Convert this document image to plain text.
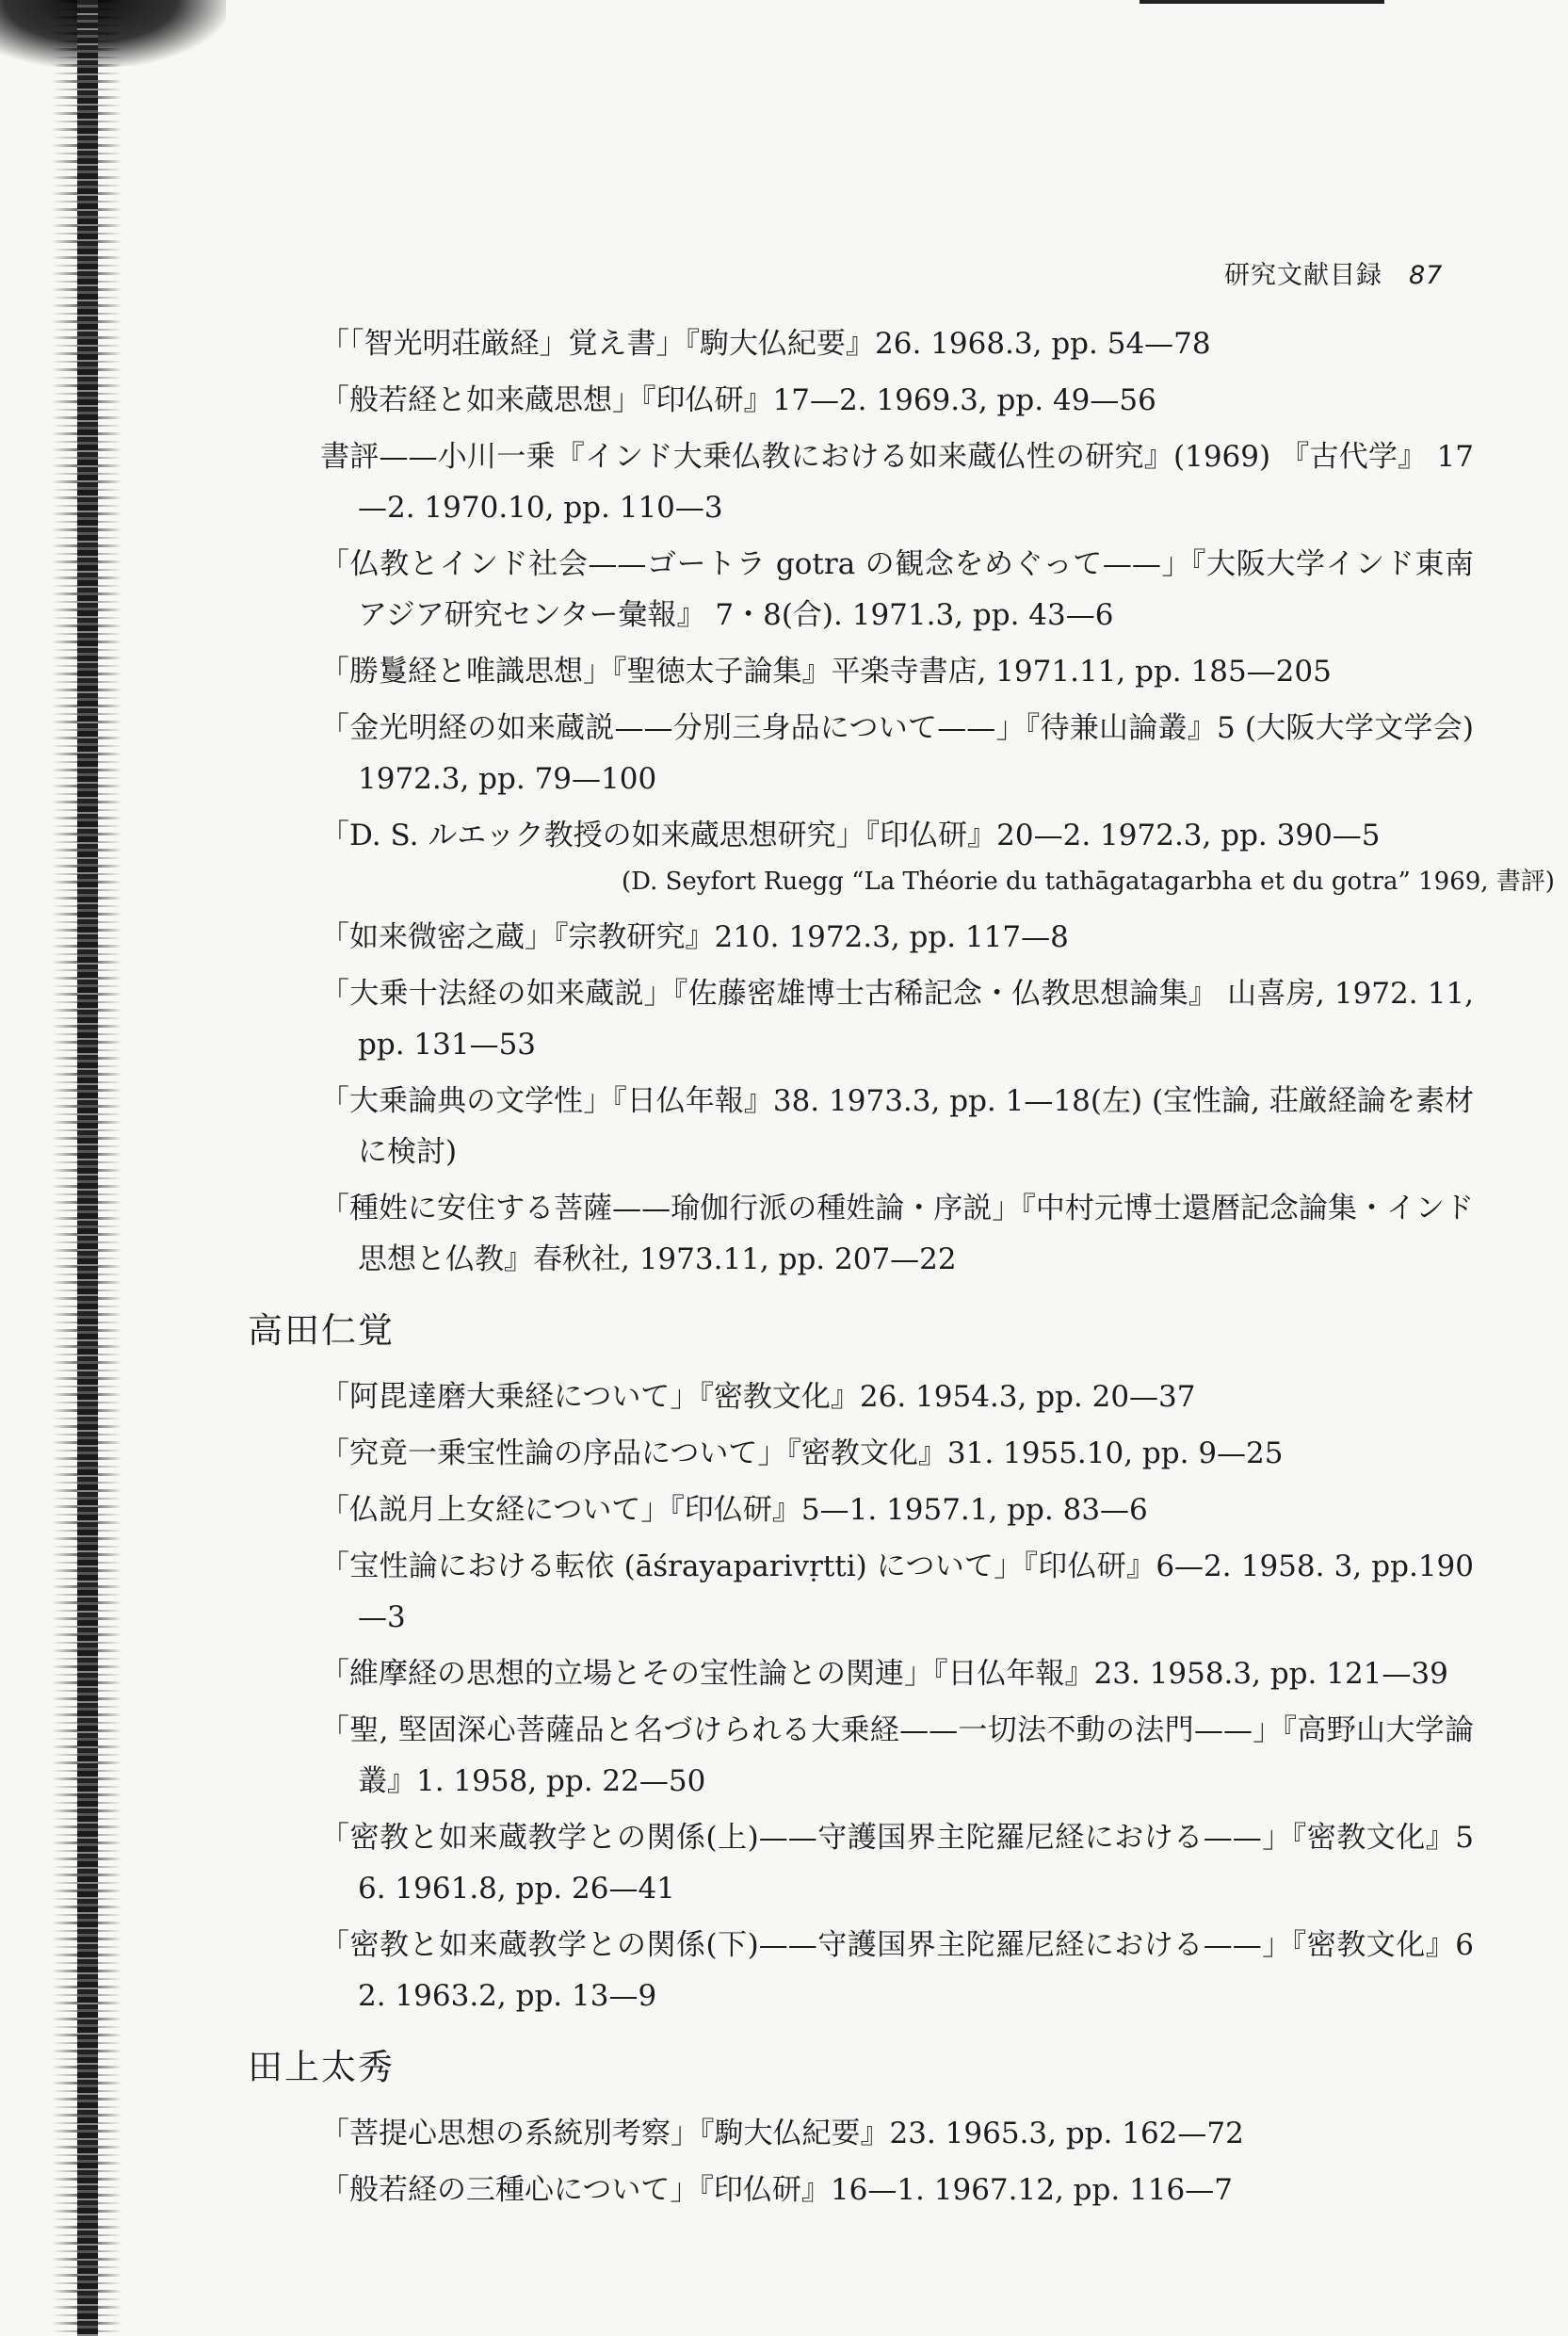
研究文献目録 87
「「智光明荘厳経」覚え書」『駒大仏紀要』26. 1968.3, pp. 54—78
「般若経と如来蔵思想」『印仏研』17—2. 1969.3, pp. 49—56
書評——小川一乗『インド大乗仏教における如来蔵仏性の研究』(1969) 『古代学』 17—2. 1970.10, pp. 110—3
「仏教とインド社会——ゴートラ gotra の観念をめぐって——」『大阪大学インド東南アジア研究センター彙報』 7・8(合). 1971.3, pp. 43—6
「勝鬘経と唯識思想」『聖徳太子論集』平楽寺書店, 1971.11, pp. 185—205
「金光明経の如来蔵説——分別三身品について——」『待兼山論叢』5 (大阪大学文学会) 1972.3, pp. 79—100
「D. S. ルエック教授の如来蔵思想研究」『印仏研』20—2. 1972.3, pp. 390—5
(D. Seyfort Ruegg “La Théorie du tathāgatagarbha et du gotra” 1969, 書評)
「如来微密之蔵」『宗教研究』210. 1972.3, pp. 117—8
「大乗十法経の如来蔵説」『佐藤密雄博士古稀記念・仏教思想論集』 山喜房, 1972. 11, pp. 131—53
「大乗論典の文学性」『日仏年報』38. 1973.3, pp. 1—18(左) (宝性論, 荘厳経論を素材に検討)
「種姓に安住する菩薩——瑜伽行派の種姓論・序説」『中村元博士還暦記念論集・インド思想と仏教』春秋社, 1973.11, pp. 207—22
高田仁覚
「阿毘達磨大乗経について」『密教文化』26. 1954.3, pp. 20—37
「究竟一乗宝性論の序品について」『密教文化』31. 1955.10, pp. 9—25
「仏説月上女経について」『印仏研』5—1. 1957.1, pp. 83—6
「宝性論における転依 (āśrayaparivṛtti) について」『印仏研』6—2. 1958. 3, pp.190—3
「維摩経の思想的立場とその宝性論との関連」『日仏年報』23. 1958.3, pp. 121—39
「聖, 堅固深心菩薩品と名づけられる大乗経——一切法不動の法門——」『高野山大学論叢』1. 1958, pp. 22—50
「密教と如来蔵教学との関係(上)——守護国界主陀羅尼経における——」『密教文化』56. 1961.8, pp. 26—41
「密教と如来蔵教学との関係(下)——守護国界主陀羅尼経における——」『密教文化』62. 1963.2, pp. 13—9
田上太秀
「菩提心思想の系統別考察」『駒大仏紀要』23. 1965.3, pp. 162—72
「般若経の三種心について」『印仏研』16—1. 1967.12, pp. 116—7
